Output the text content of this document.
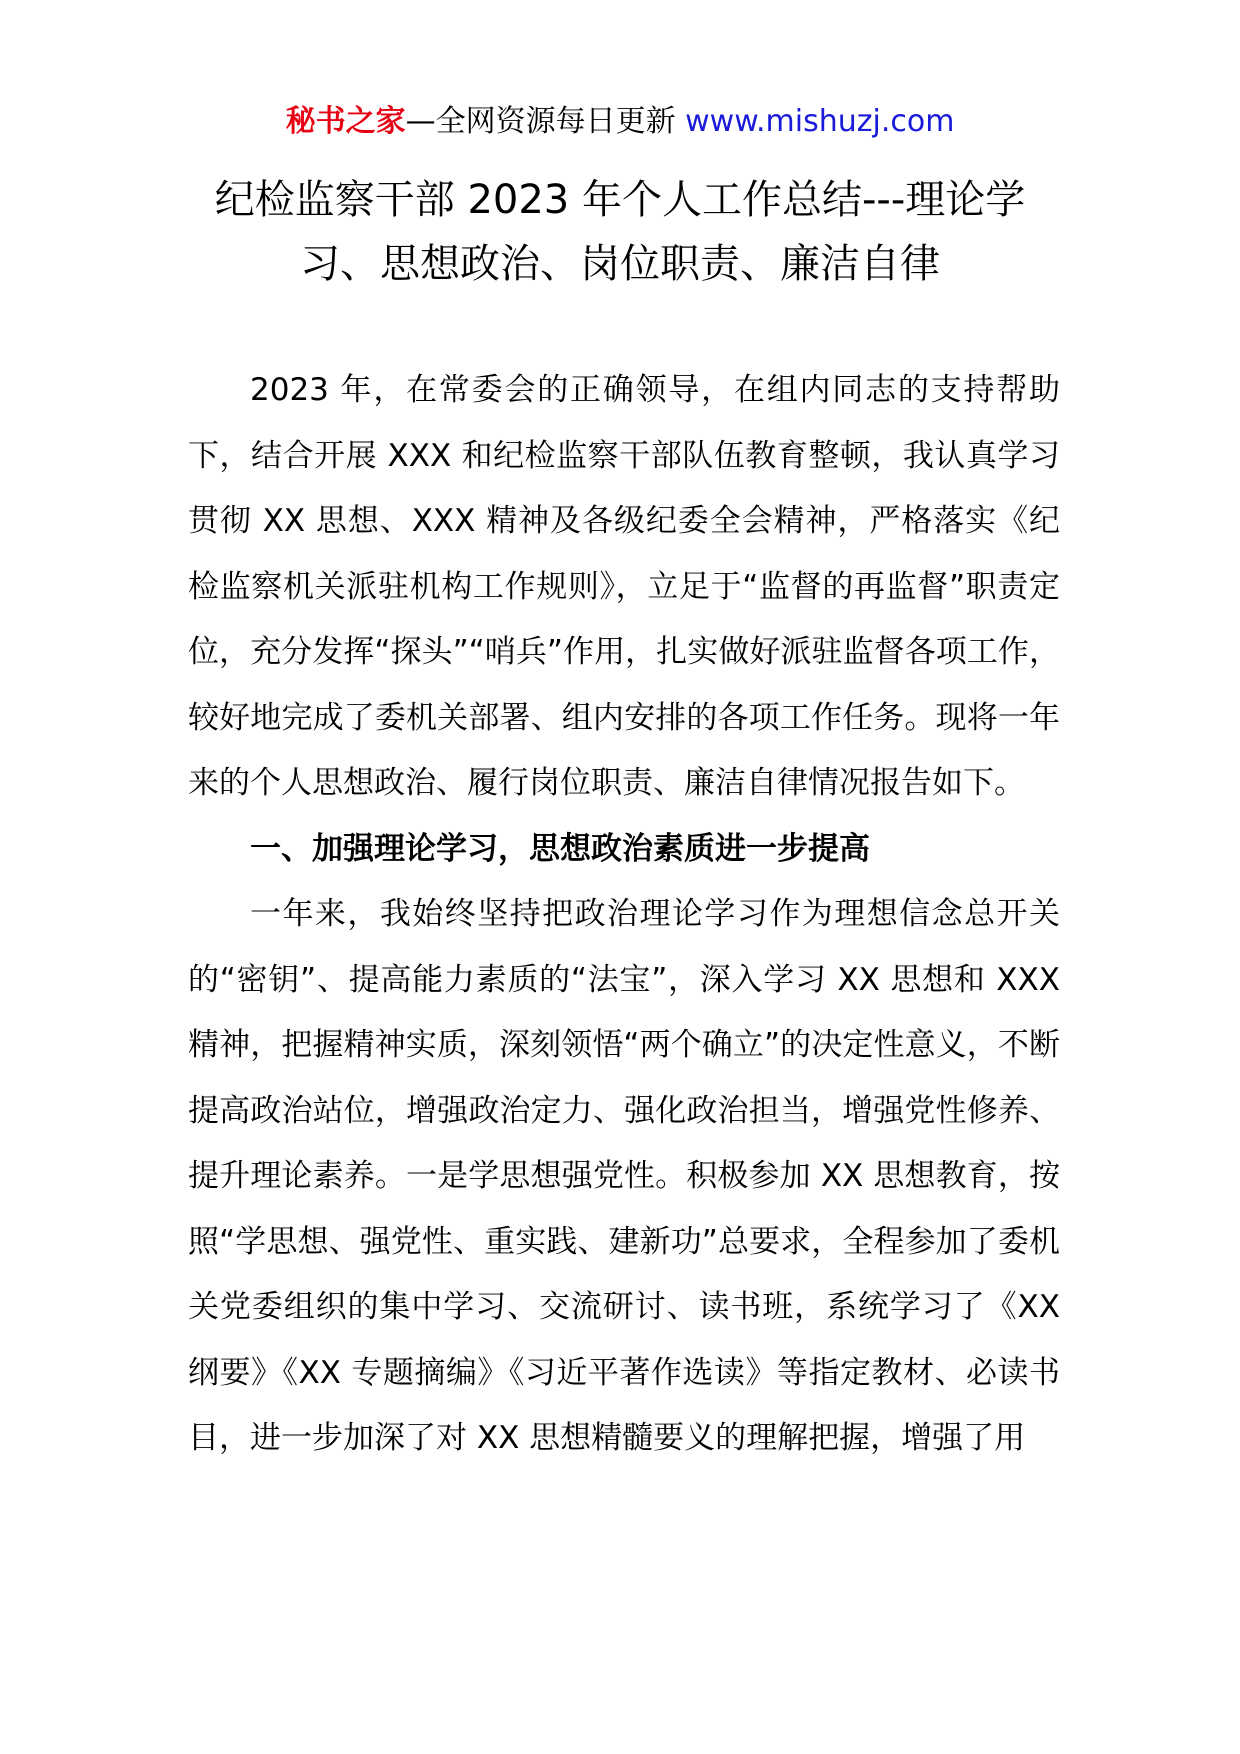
秘书之家—全网资源每日更新 www.mishuzj.com
纪检监察干部 2023 年个人工作总结---理论学习、思想政治、岗位职责、廉洁自律

2023 年，在常委会的正确领导，在组内同志的支持帮助下，结合开展 XXX 和纪检监察干部队伍教育整顿，我认真学习贯彻 XX 思想、XXX 精神及各级纪委全会精神，严格落实《纪检监察机关派驻机构工作规则》，立足于“监督的再监督”职责定位，充分发挥“探头”“哨兵”作用，扎实做好派驻监督各项工作，较好地完成了委机关部署、组内安排的各项工作任务。现将一年来的个人思想政治、履行岗位职责、廉洁自律情况报告如下。

一、加强理论学习，思想政治素质进一步提高

一年来，我始终坚持把政治理论学习作为理想信念总开关的“密钥”、提高能力素质的“法宝”，深入学习 XX 思想和 XXX 精神，把握精神实质，深刻领悟“两个确立”的决定性意义，不断提高政治站位，增强政治定力、强化政治担当，增强党性修养、提升理论素养。一是学思想强党性。积极参加 XX 思想教育，按照“学思想、强党性、重实践、建新功”总要求，全程参加了委机关党委组织的集中学习、交流研讨、读书班，系统学习了《XX 纲要》《XX 专题摘编》《习近平著作选读》等指定教材、必读书目，进一步加深了对 XX 思想精髓要义的理解把握，增强了用
